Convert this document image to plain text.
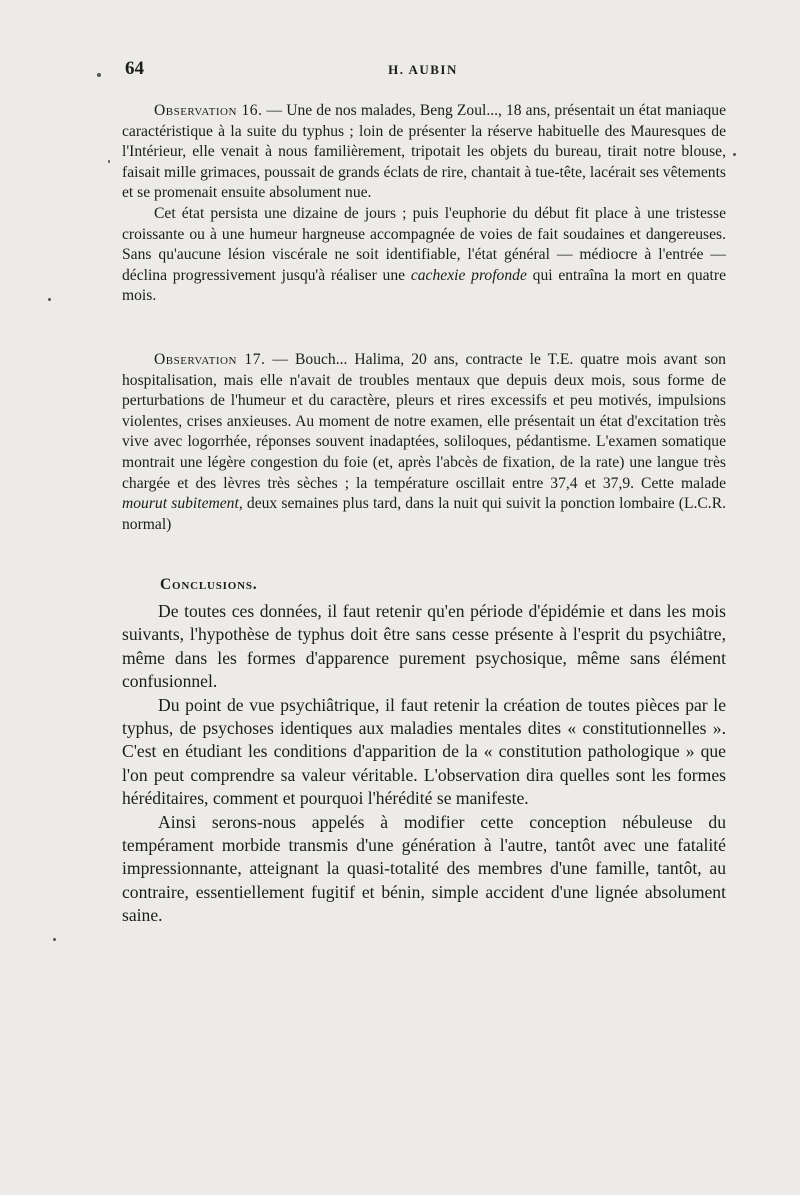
64	H. AUBIN

Observation 16. — Une de nos malades, Beng Zoul..., 18 ans, présentait un état maniaque caractéristique à la suite du typhus ; loin de présenter la réserve habituelle des Mauresques de l'Intérieur, elle venait à nous familièrement, tripotait les objets du bureau, tirait notre blouse, faisait mille grimaces, poussait de grands éclats de rire, chantait à tue-tête, lacérait ses vêtements et se promenait ensuite absolument nue.

Cet état persista une dizaine de jours ; puis l'euphorie du début fit place à une tristesse croissante ou à une humeur hargneuse accompagnée de voies de fait soudaines et dangereuses. Sans qu'aucune lésion viscérale ne soit identifiable, l'état général — médiocre à l'entrée — déclina progressivement jusqu'à réaliser une cachexie profonde qui entraîna la mort en quatre mois.

Observation 17. — Bouch... Halima, 20 ans, contracte le T.E. quatre mois avant son hospitalisation, mais elle n'avait de troubles mentaux que depuis deux mois, sous forme de perturbations de l'humeur et du caractère, pleurs et rires excessifs et peu motivés, impulsions violentes, crises anxieuses. Au moment de notre examen, elle présentait un état d'excitation très vive avec logorrhée, réponses souvent inadaptées, soliloques, pédantisme. L'examen somatique montrait une légère congestion du foie (et, après l'abcès de fixation, de la rate) une langue très chargée et des lèvres très sèches ; la température oscillait entre 37,4 et 37,9. Cette malade mourut subitement, deux semaines plus tard, dans la nuit qui suivit la ponction lombaire (L.C.R. normal)

Conclusions.

De toutes ces données, il faut retenir qu'en période d'épidémie et dans les mois suivants, l'hypothèse de typhus doit être sans cesse présente à l'esprit du psychiâtre, même dans les formes d'apparence purement psychosique, même sans élément confusionnel.

Du point de vue psychiâtrique, il faut retenir la création de toutes pièces par le typhus, de psychoses identiques aux maladies mentales dites « constitutionnelles ». C'est en étudiant les conditions d'apparition de la « constitution pathologique » que l'on peut comprendre sa valeur véritable. L'observation dira quelles sont les formes héréditaires, comment et pourquoi l'hérédité se manifeste.

Ainsi serons-nous appelés à modifier cette conception nébuleuse du tempérament morbide transmis d'une génération à l'autre, tantôt avec une fatalité impressionnante, atteignant la quasi-totalité des membres d'une famille, tantôt, au contraire, essentiellement fugitif et bénin, simple accident d'une lignée absolument saine.
